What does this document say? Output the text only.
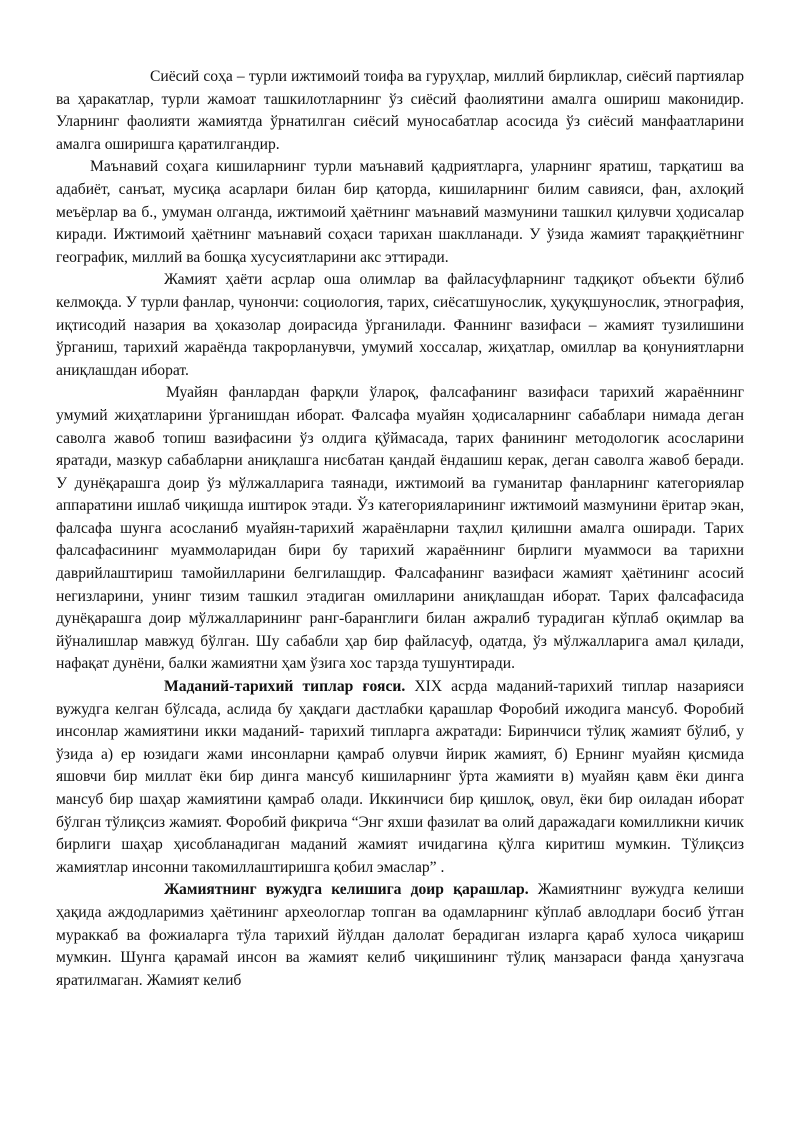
Сиёсий соҳа – турли ижтимоий тоифа ва гуруҳлар, миллий бирликлар, сиёсий партиялар ва ҳаракатлар, турли жамоат ташкилотларнинг ўз сиёсий фаолиятини амалга ошириш маконидир. Уларнинг фаолияти жамиятда ўрнатилган сиёсий муносабатлар асосида ўз сиёсий манфаатларини амалга оширишга қаратилгандир.

Маънавий соҳага кишиларнинг турли маънавий қадриятларга, уларнинг яратиш, тарқатиш ва адабиёт, санъат, мусиқа асарлари билан бир қаторда, кишиларнинг билим савияси, фан, ахлоқий меъёрлар ва б., умуман олганда, ижтимоий ҳаётнинг маънавий мазмунини ташкил қилувчи ҳодисалар киради. Ижтимоий ҳаётнинг маънавий соҳаси тарихан шаклланади. У ўзида жамият тараққиётнинг географик, миллий ва бошқа хусусиятларини акс эттиради.

Жамият ҳаёти асрлар оша олимлар ва файласуфларнинг тадқиқот объекти бўлиб келмоқда. У турли фанлар, чунончи: социология, тарих, сиёсатшунослик, ҳуқуқшунослик, этнография, иқтисодий назария ва ҳоказолар доирасида ўрганилади. Фаннинг вазифаси – жамият тузилишини ўрганиш, тарихий жараёнда такрорланувчи, умумий хоссалар, жиҳатлар, омиллар ва қонуниятларни аниқлашдан иборат.

Муайян фанлардан фарқли ўлароқ, фалсафанинг вазифаси тарихий жараённинг умумий жиҳатларини ўрганишдан иборат. Фалсафа муайян ҳодисаларнинг сабаблари нимада деган саволга жавоб топиш вазифасини ўз олдига қўймасада, тарих фанининг методологик асосларини яратади, мазкур сабабларни аниқлашга нисбатан қандай ёндашиш керак, деган саволга жавоб беради. У дунёқарашга доир ўз мўлжалларига таянади, ижтимоий ва гуманитар фанларнинг категориялар аппаратини ишлаб чиқишда иштирок этади. Ўз категорияларининг ижтимоий мазмунини ёритар экан, фалсафа шунга асосланиб муайян-тарихий жараёнларни таҳлил қилишни амалга оширади. Тарих фалсафасининг муаммоларидан бири бу тарихий жараённинг бирлиги муаммоси ва тарихни даврийлаштириш тамойилларини белгилашдир. Фалсафанинг вазифаси жамият ҳаётининг асосий негизларини, унинг тизим ташкил этадиган омилларини аниқлашдан иборат. Тарих фалсафасида дунёқарашга доир мўлжалларининг ранг-баранглиги билан ажралиб турадиган кўплаб оқимлар ва йўналишлар мавжуд бўлган. Шу сабабли ҳар бир файласуф, одатда, ўз мўлжалларига амал қилади, нафақат дунёни, балки жамиятни ҳам ўзига хос тарзда тушунтиради.

Маданий-тарихий типлар ғояси. XIX асрда маданий-тарихий типлар назарияси вужудга келган бўлсада, аслида бу ҳақдаги дастлабки қарашлар Форобий ижодига мансуб. Форобий инсонлар жамиятини икки маданий- тарихий типларга ажратади: Биринчиси тўлиқ жамият бўлиб, у ўзида а) ер юзидаги жами инсонларни қамраб олувчи йирик жамият, б) Ернинг муайян қисмида яшовчи бир миллат ёки бир динга мансуб кишиларнинг ўрта жамияти в) муайян қавм ёки динга мансуб бир шаҳар жамиятини қамраб олади. Иккинчиси бир қишлоқ, овул, ёки бир оиладан иборат бўлган тўлиқсиз жамият. Форобий фикрича “Энг яхши фазилат ва олий даражадаги комилликни кичик бирлиги шаҳар ҳисобланадиган маданий жамият ичидагина қўлга киритиш мумкин. Тўлиқсиз жамиятлар инсонни такомиллаштиришга қобил эмаслар” .

Жамиятнинг вужудга келишига доир қарашлар. Жамиятнинг вужудга келиши ҳақида аждодларимиз ҳаётининг археологлар топган ва одамларнинг кўплаб авлодлари босиб ўтган мураккаб ва фожиаларга тўла тарихий йўлдан далолат берадиган изларга қараб хулоса чиқариш мумкин. Шунга қарамай инсон ва жамият келиб чиқишининг тўлиқ манзараси фанда ҳанузгача яратилмаган. Жамият келиб
